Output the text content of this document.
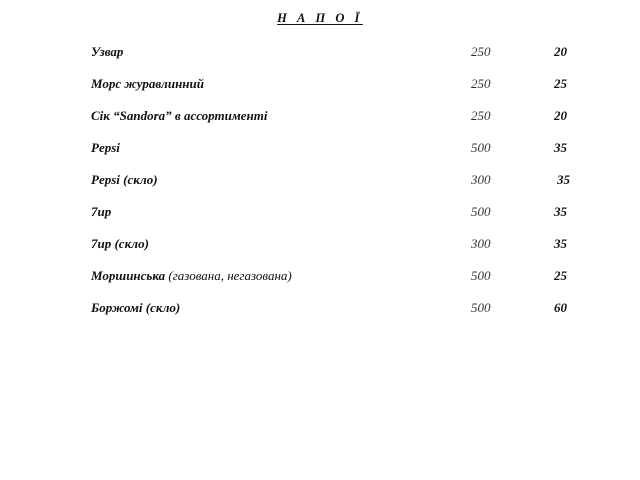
Н А П О Ї
Узвар	250	20
Морс журавлинний	250	25
Сік “Sandora” в ассортименті	250	20
Pepsi	500	35
Pepsi (скло)	300	35
7up	500	35
7up (скло)	300	35
Моршинська (газована, негазована)	500	25
Боржомі (скло)	500	60
